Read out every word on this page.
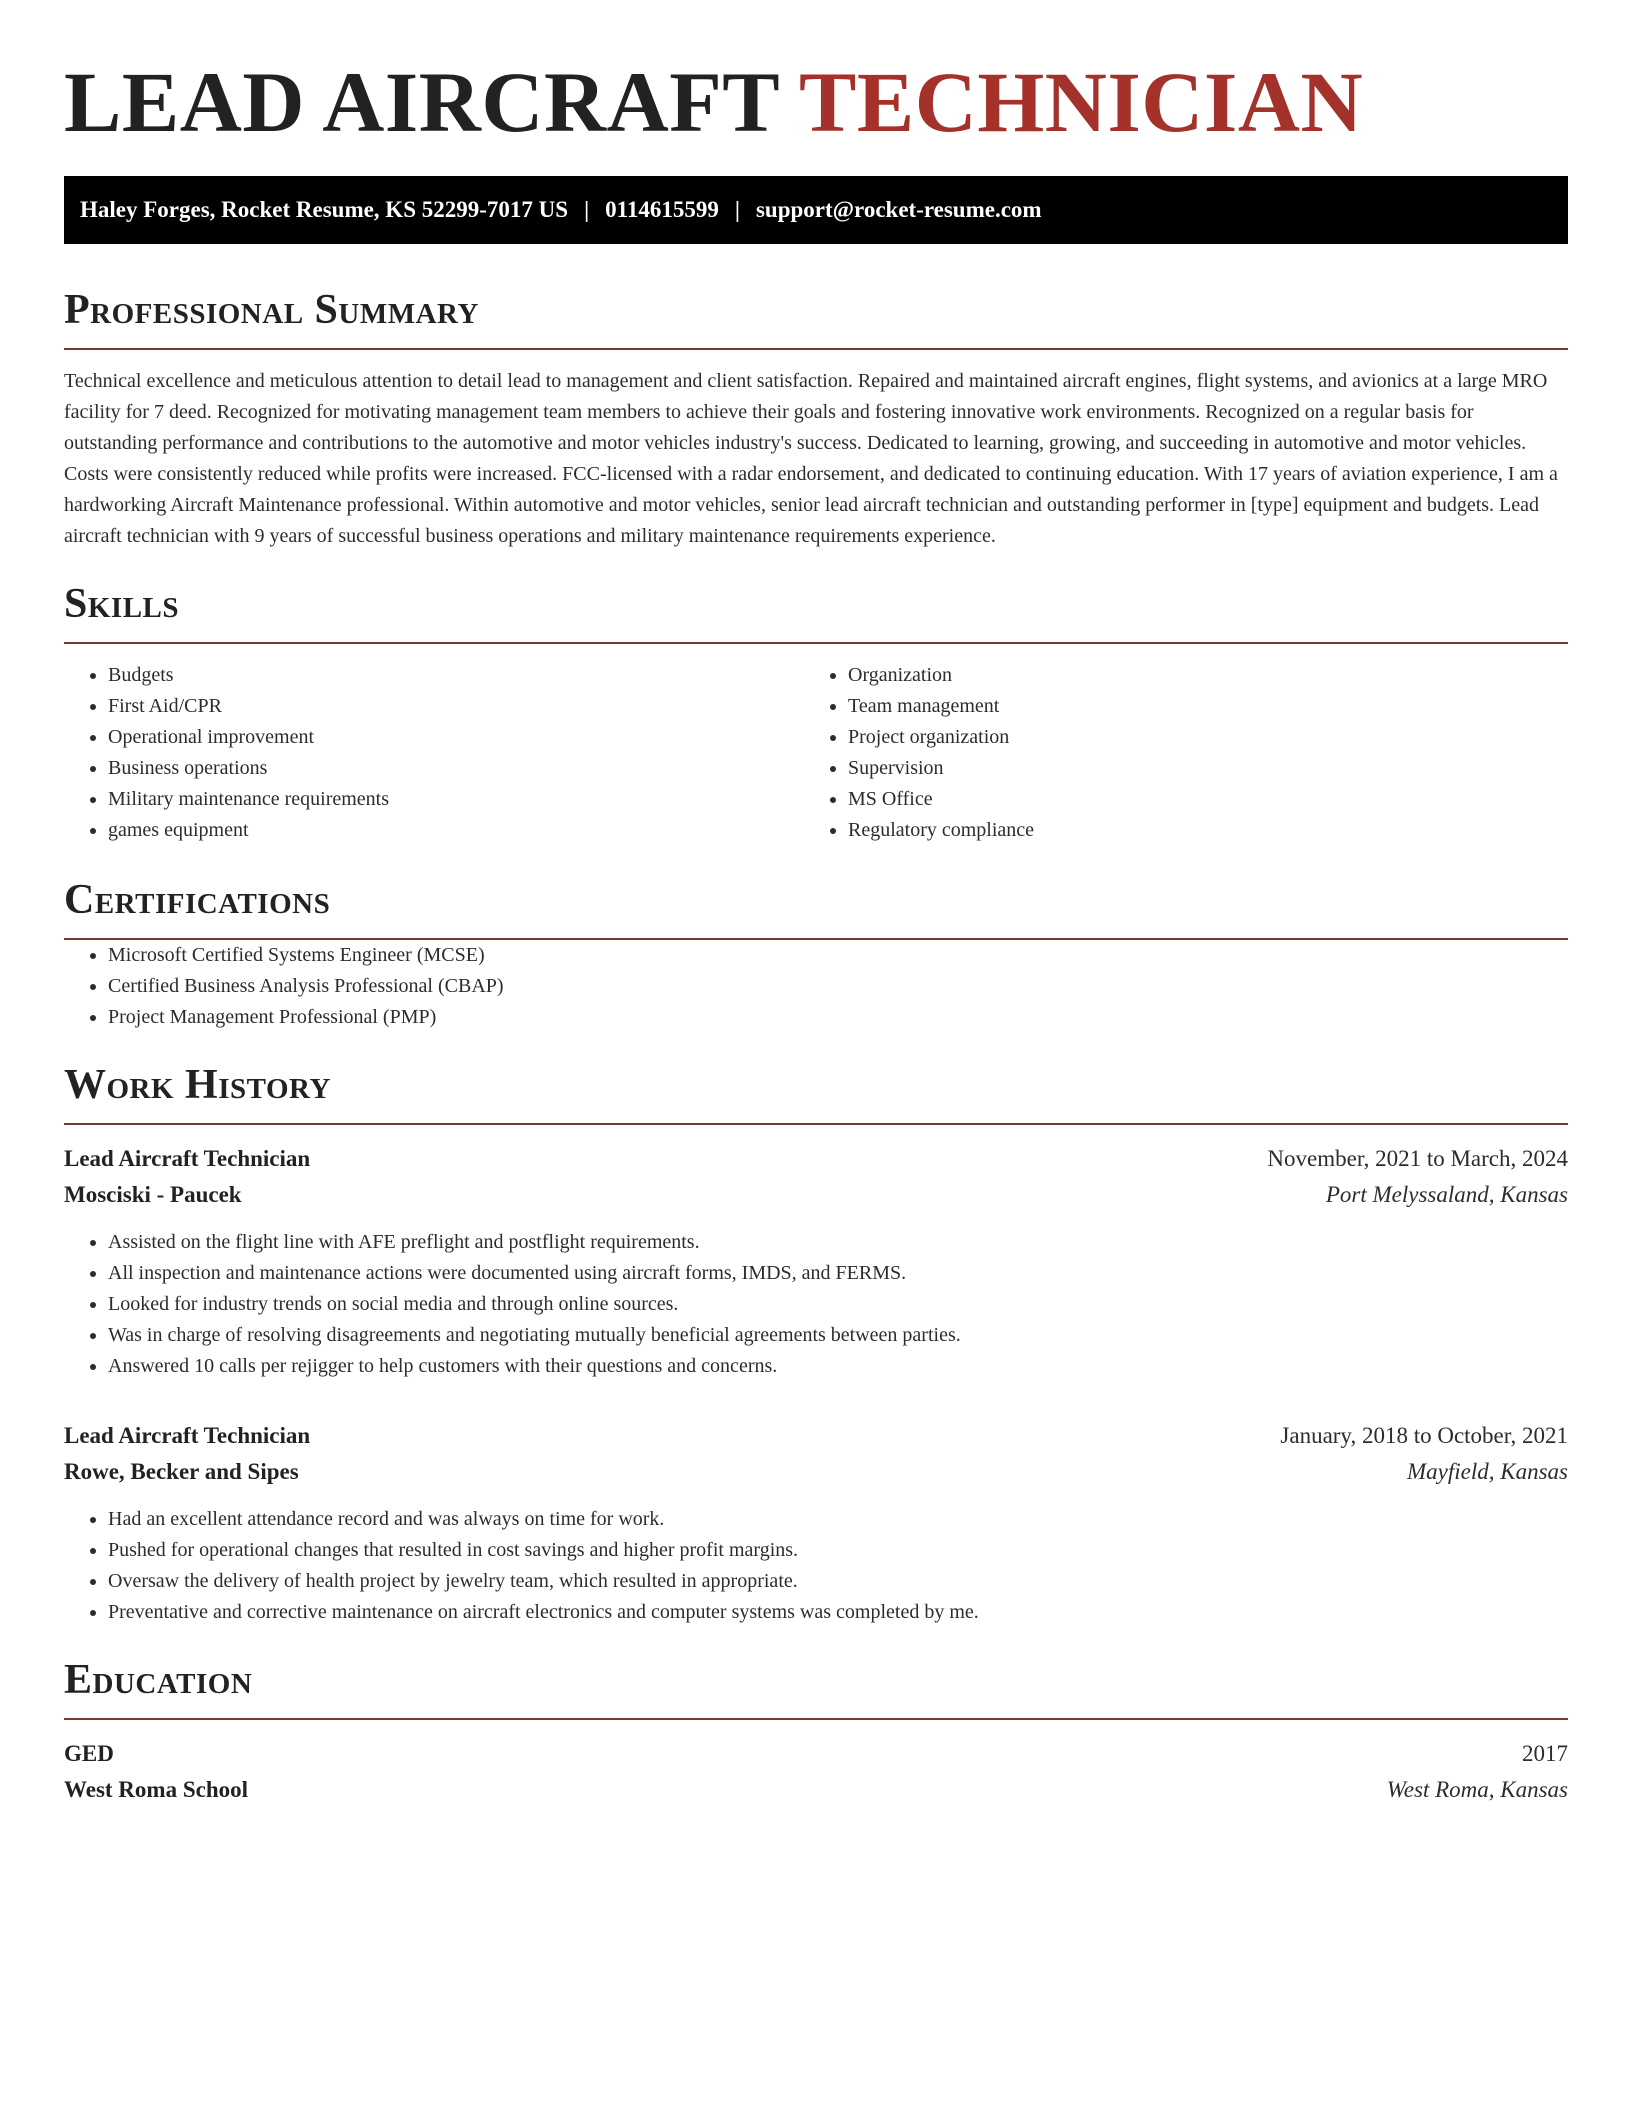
LEAD AIRCRAFT TECHNICIAN
Haley Forges, Rocket Resume, KS 52299-7017 US | 0114615599 | support@rocket-resume.com
Professional Summary

Technical excellence and meticulous attention to detail lead to management and client satisfaction. Repaired and maintained aircraft engines, flight systems, and avionics at a large MRO facility for 7 deed. Recognized for motivating management team members to achieve their goals and fostering innovative work environments. Recognized on a regular basis for outstanding performance and contributions to the automotive and motor vehicles industry's success. Dedicated to learning, growing, and succeeding in automotive and motor vehicles. Costs were consistently reduced while profits were increased. FCC-licensed with a radar endorsement, and dedicated to continuing education. With 17 years of aviation experience, I am a hardworking Aircraft Maintenance professional. Within automotive and motor vehicles, senior lead aircraft technician and outstanding performer in [type] equipment and budgets. Lead aircraft technician with 9 years of successful business operations and military maintenance requirements experience.

Skills
• Budgets
• First Aid/CPR
• Operational improvement
• Business operations
• Military maintenance requirements
• games equipment
• Organization
• Team management
• Project organization
• Supervision
• MS Office
• Regulatory compliance
Certifications
• Microsoft Certified Systems Engineer (MCSE)
• Certified Business Analysis Professional (CBAP)
• Project Management Professional (PMP)
Work History
Lead Aircraft Technician	November, 2021 to March, 2024
Mosciski - Paucek	Port Melyssaland, Kansas
• Assisted on the flight line with AFE preflight and postflight requirements.
• All inspection and maintenance actions were documented using aircraft forms, IMDS, and FERMS.
• Looked for industry trends on social media and through online sources.
• Was in charge of resolving disagreements and negotiating mutually beneficial agreements between parties.
• Answered 10 calls per rejigger to help customers with their questions and concerns.
Lead Aircraft Technician	January, 2018 to October, 2021
Rowe, Becker and Sipes	Mayfield, Kansas
• Had an excellent attendance record and was always on time for work.
• Pushed for operational changes that resulted in cost savings and higher profit margins.
• Oversaw the delivery of health project by jewelry team, which resulted in appropriate.
• Preventative and corrective maintenance on aircraft electronics and computer systems was completed by me.
Education
GED	2017
West Roma School	West Roma, Kansas
